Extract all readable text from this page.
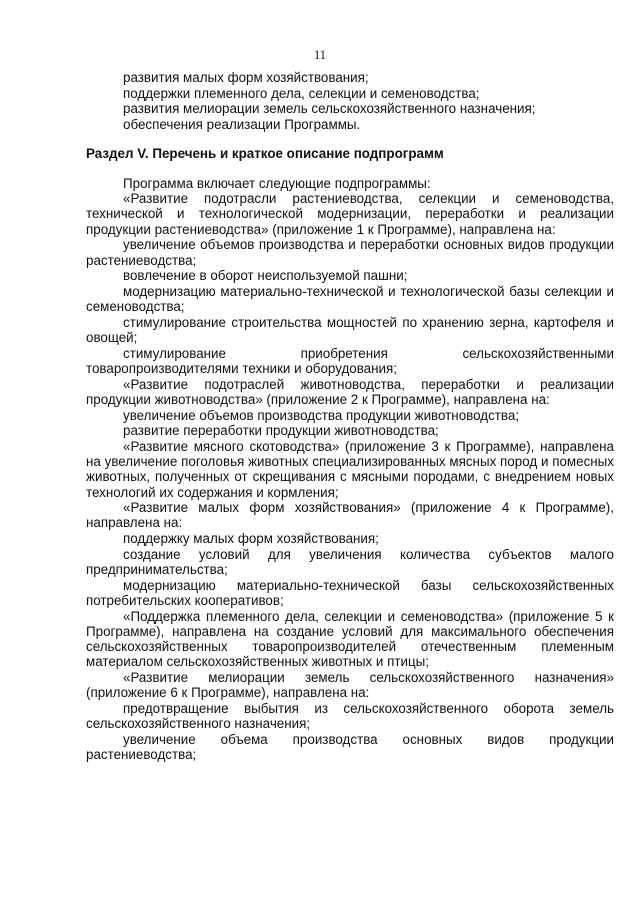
11

развития малых форм хозяйствования;

поддержки племенного дела, селекции и семеноводства;

развития мелиорации земель сельскохозяйственного назначения;

обеспечения реализации Программы.

Раздел V. Перечень и краткое описание подпрограмм

Программа включает следующие подпрограммы:

«Развитие подотрасли растениеводства, селекции и семеноводства, технической и технологической модернизации, переработки и реализации продукции растениеводства» (приложение 1 к Программе), направлена на:

увеличение объемов производства и переработки основных видов продукции растениеводства;

вовлечение в оборот неиспользуемой пашни;

модернизацию материально-технической и технологической базы селекции и семеноводства;

стимулирование строительства мощностей по хранению зерна, картофеля и овощей;

стимулирование приобретения сельскохозяйственными товаропроизводителями техники и оборудования;

«Развитие подотраслей животноводства, переработки и реализации продукции животноводства» (приложение 2 к Программе), направлена на:

увеличение объемов производства продукции животноводства;

развитие переработки продукции животноводства;

«Развитие мясного скотоводства» (приложение 3 к Программе), направлена на увеличение поголовья животных специализированных мясных пород и помесных животных, полученных от скрещивания с мясными породами, с внедрением новых технологий их содержания и кормления;

«Развитие малых форм хозяйствования» (приложение 4 к Программе), направлена на:

поддержку малых форм хозяйствования;

создание условий для увеличения количества субъектов малого предпринимательства;

модернизацию материально-технической базы сельскохозяйственных потребительских кооперативов;

«Поддержка племенного дела, селекции и семеноводства» (приложение 5 к Программе), направлена на создание условий для максимального обеспечения сельскохозяйственных товаропроизводителей отечественным племенным материалом сельскохозяйственных животных и птицы;

«Развитие мелиорации земель сельскохозяйственного назначения» (приложение 6 к Программе), направлена на:

предотвращение выбытия из сельскохозяйственного оборота земель сельскохозяйственного назначения;

увеличение объема производства основных видов продукции растениеводства;
